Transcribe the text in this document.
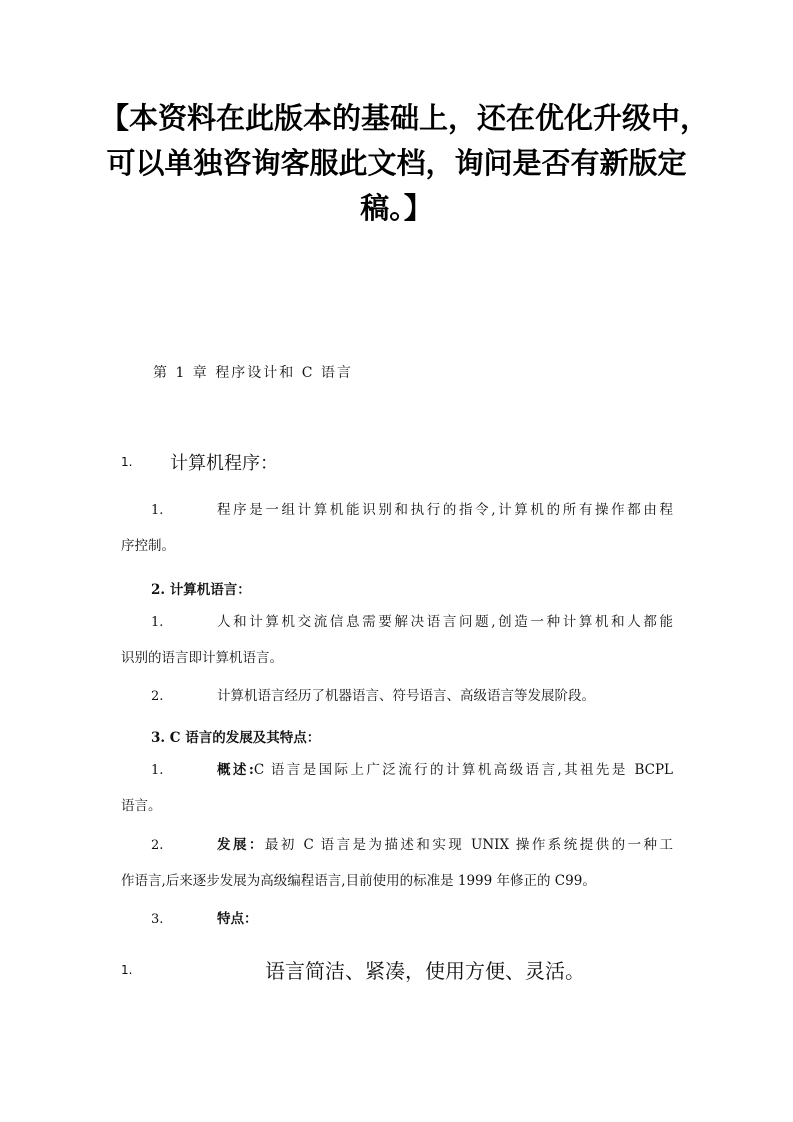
【本资料在此版本的基础上，还在优化升级中，
可以单独咨询客服此文档，询问是否有新版定
稿。】
第 1 章 程序设计和 C 语言
1. 计算机程序：
1.	程序是一组计算机能识别和执行的指令,计算机的所有操作都由程
序控制。
2. 计算机语言：
1.	人和计算机交流信息需要解决语言问题,创造一种计算机和人都能
识别的语言即计算机语言。
2.	计算机语言经历了机器语言、符号语言、高级语言等发展阶段。
3. C 语言的发展及其特点：
1.	概述:C 语言是国际上广泛流行的计算机高级语言,其祖先是 BCPL
语言。
2.	发展：最初 C 语言是为描述和实现 UNIX 操作系统提供的一种工
作语言,后来逐步发展为高级编程语言,目前使用的标准是 1999 年修正的 C99。
3.	特点：
1.	语言简洁、紧凑，使用方便、灵活。
